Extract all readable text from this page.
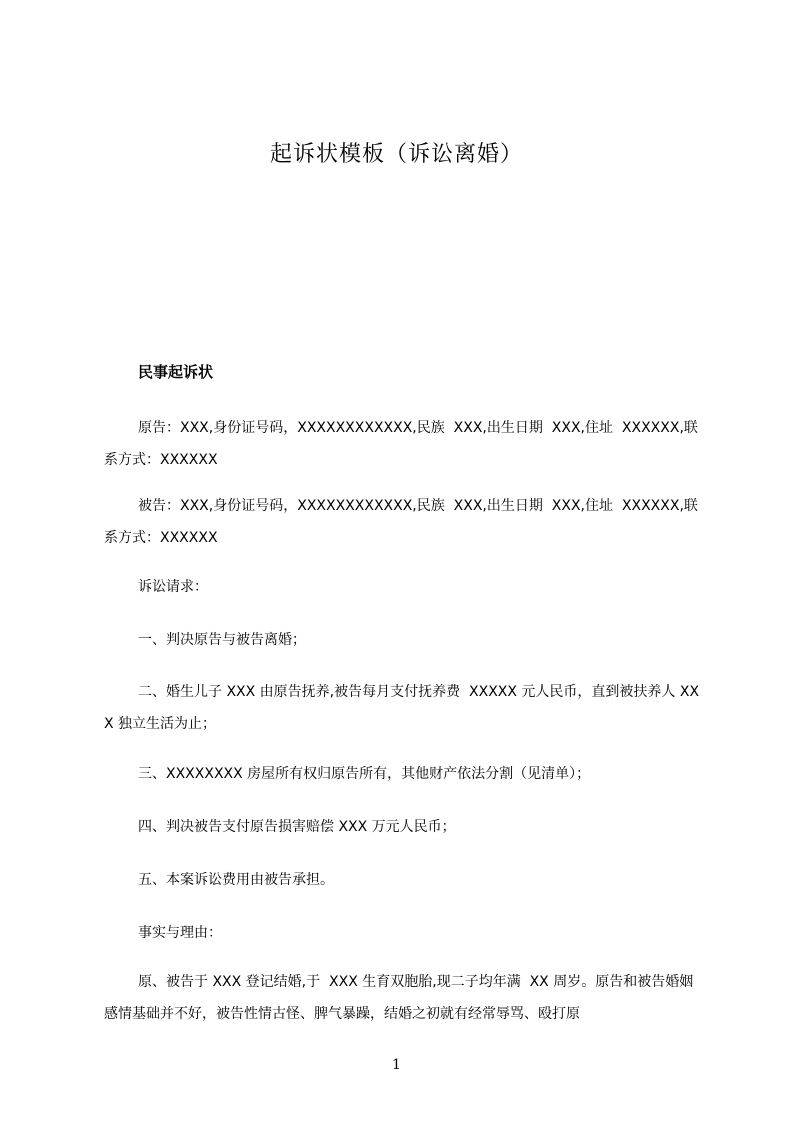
起诉状模板（诉讼离婚）
民事起诉状
原告：XXX,身份证号码，XXXXXXXXXXXX,民族  XXX,出生日期  XXX,住址  XXXXXX,联系方式：XXXXXX
被告：XXX,身份证号码，XXXXXXXXXXXX,民族  XXX,出生日期  XXX,住址  XXXXXX,联系方式：XXXXXX
诉讼请求：
一、判决原告与被告离婚；
二、婚生儿子 XXX 由原告抚养,被告每月支付抚养费  XXXXX 元人民币，直到被扶养人 XXX 独立生活为止；
三、XXXXXXXX 房屋所有权归原告所有，其他财产依法分割（见清单）；
四、判决被告支付原告损害赔偿 XXX 万元人民币；
五、本案诉讼费用由被告承担。
事实与理由：
原、被告于 XXX 登记结婚,于  XXX 生育双胞胎,现二子均年满  XX 周岁。原告和被告婚姻感情基础并不好，被告性情古怪、脾气暴躁，结婚之初就有经常辱骂、殴打原
1
